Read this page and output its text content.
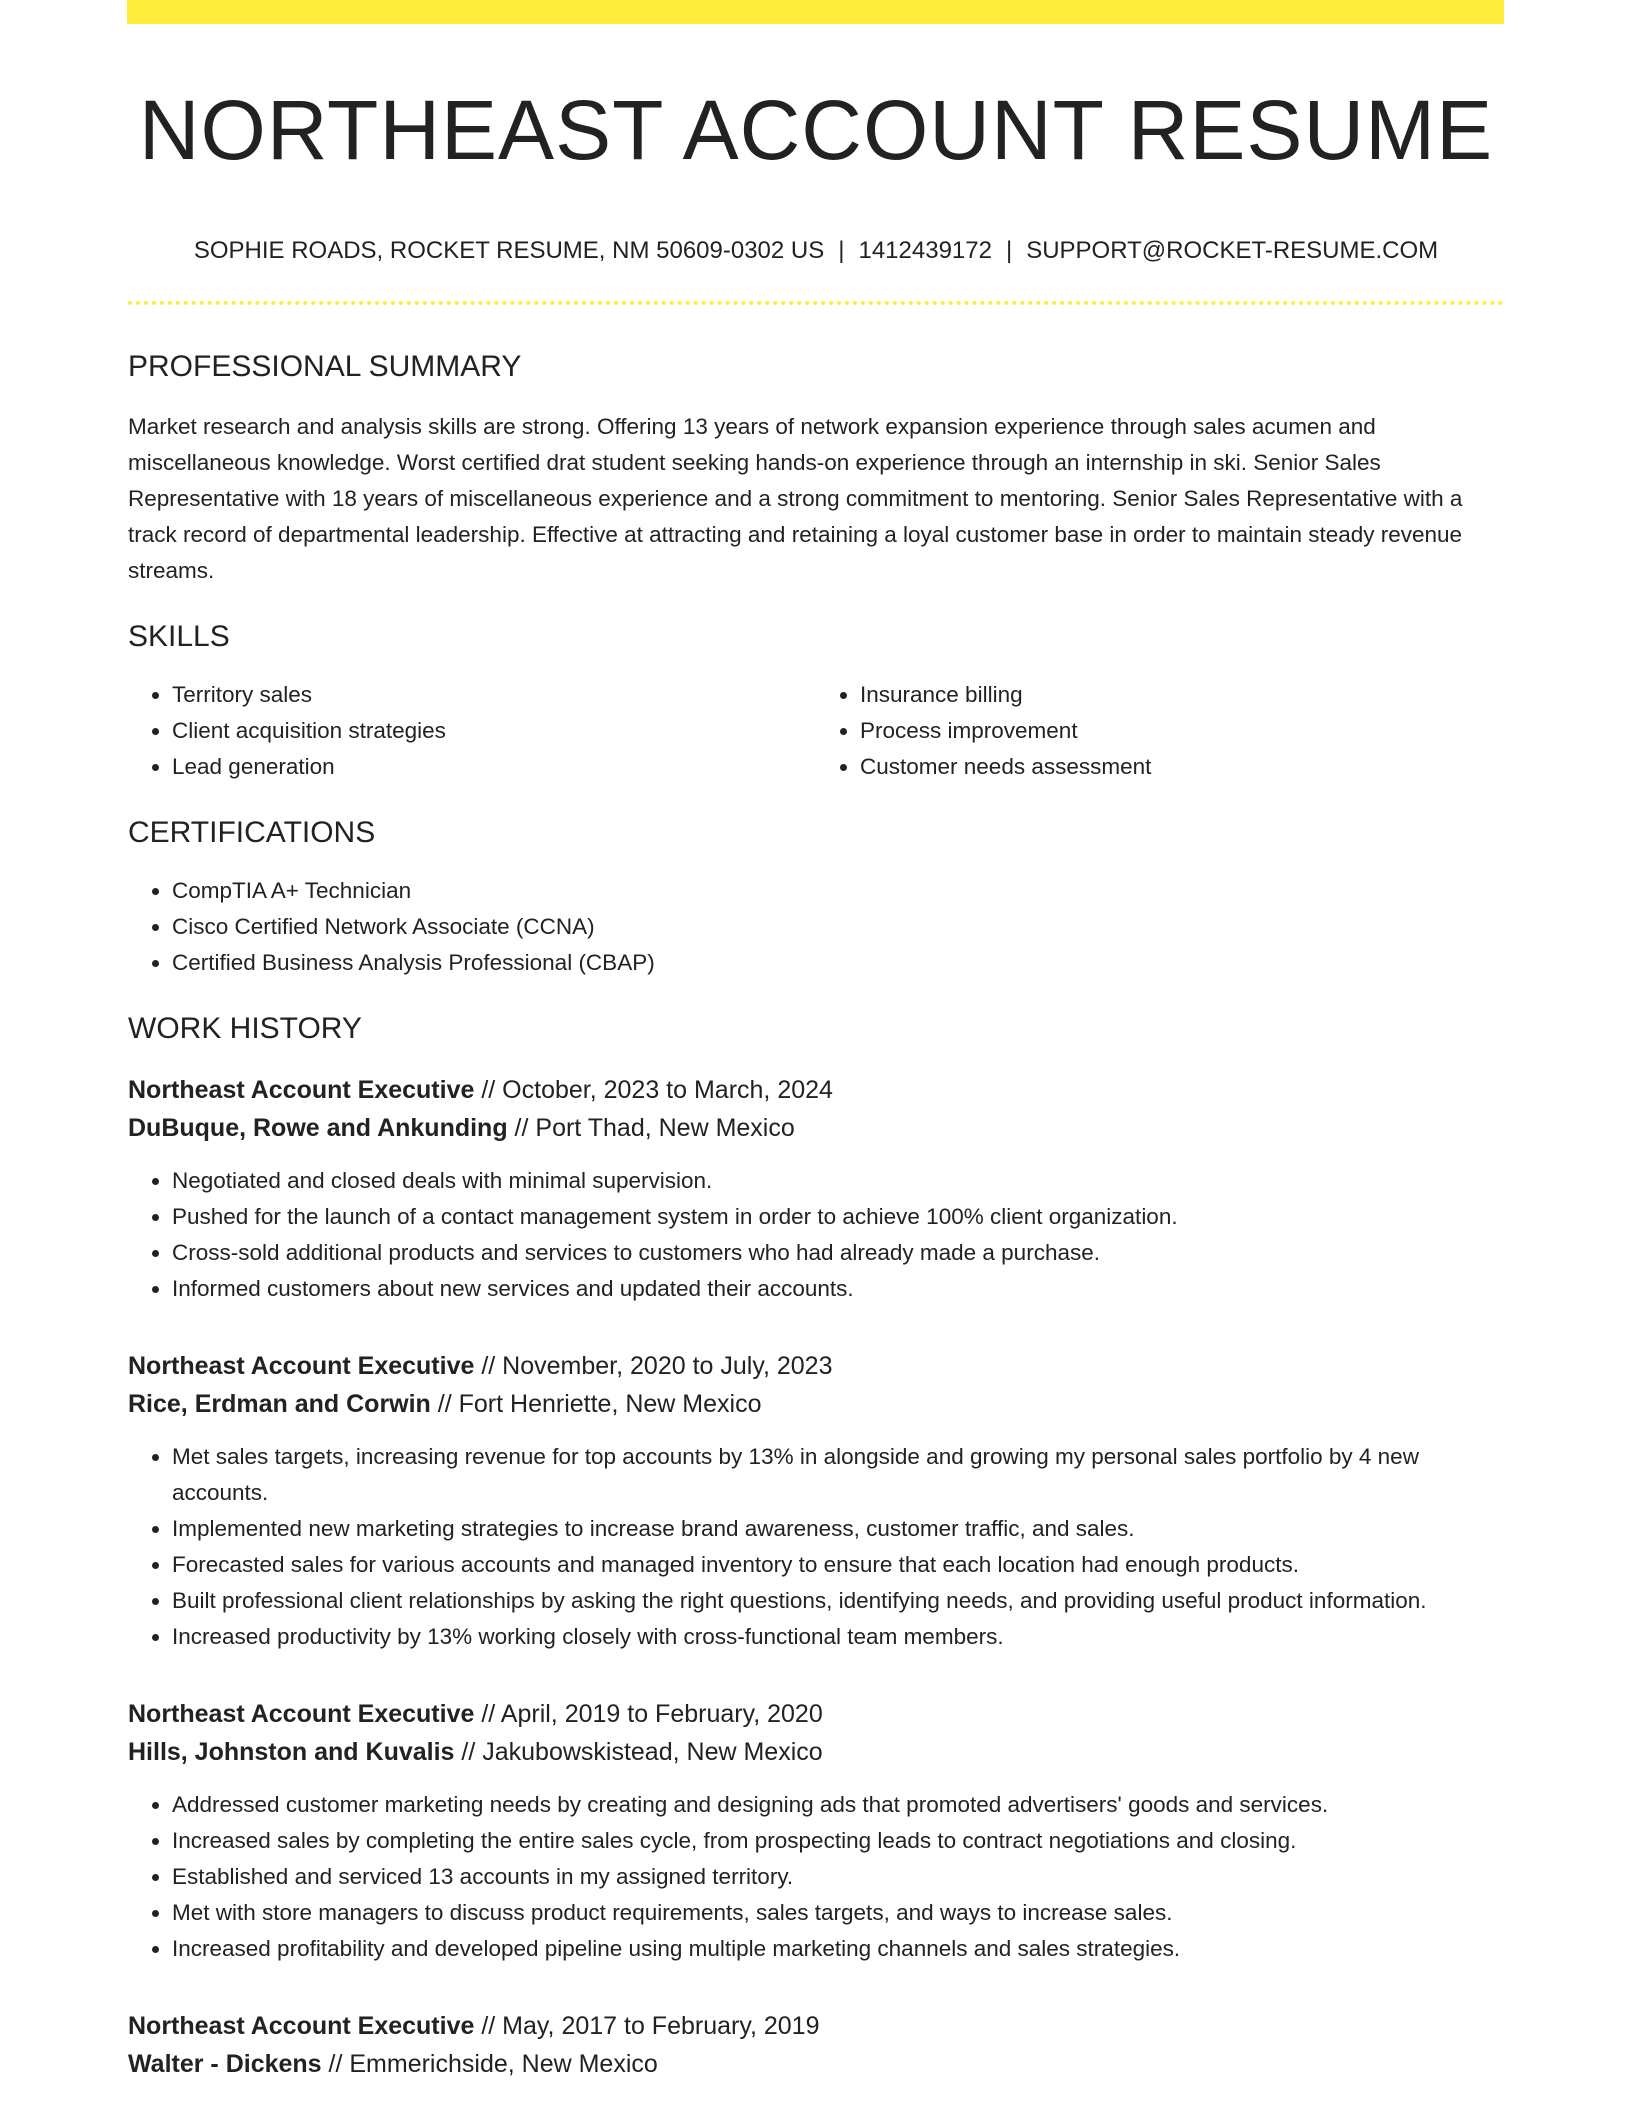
NORTHEAST ACCOUNT RESUME
SOPHIE ROADS, ROCKET RESUME, NM 50609-0302 US | 1412439172 | SUPPORT@ROCKET-RESUME.COM
PROFESSIONAL SUMMARY

Market research and analysis skills are strong. Offering 13 years of network expansion experience through sales acumen and miscellaneous knowledge. Worst certified drat student seeking hands-on experience through an internship in ski. Senior Sales Representative with 18 years of miscellaneous experience and a strong commitment to mentoring. Senior Sales Representative with a track record of departmental leadership. Effective at attracting and retaining a loyal customer base in order to maintain steady revenue streams.

SKILLS
• Territory sales
• Client acquisition strategies
• Lead generation
• Insurance billing
• Process improvement
• Customer needs assessment
CERTIFICATIONS
• CompTIA A+ Technician
• Cisco Certified Network Associate (CCNA)
• Certified Business Analysis Professional (CBAP)
WORK HISTORY
Northeast Account Executive // October, 2023 to March, 2024
DuBuque, Rowe and Ankunding // Port Thad, New Mexico
• Negotiated and closed deals with minimal supervision.
• Pushed for the launch of a contact management system in order to achieve 100% client organization.
• Cross-sold additional products and services to customers who had already made a purchase.
• Informed customers about new services and updated their accounts.
Northeast Account Executive // November, 2020 to July, 2023
Rice, Erdman and Corwin // Fort Henriette, New Mexico
• Met sales targets, increasing revenue for top accounts by 13% in alongside and growing my personal sales portfolio by 4 new accounts.
• Implemented new marketing strategies to increase brand awareness, customer traffic, and sales.
• Forecasted sales for various accounts and managed inventory to ensure that each location had enough products.
• Built professional client relationships by asking the right questions, identifying needs, and providing useful product information.
• Increased productivity by 13% working closely with cross-functional team members.
Northeast Account Executive // April, 2019 to February, 2020
Hills, Johnston and Kuvalis // Jakubowskistead, New Mexico
• Addressed customer marketing needs by creating and designing ads that promoted advertisers' goods and services.
• Increased sales by completing the entire sales cycle, from prospecting leads to contract negotiations and closing.
• Established and serviced 13 accounts in my assigned territory.
• Met with store managers to discuss product requirements, sales targets, and ways to increase sales.
• Increased profitability and developed pipeline using multiple marketing channels and sales strategies.
Northeast Account Executive // May, 2017 to February, 2019
Walter - Dickens // Emmerichside, New Mexico
